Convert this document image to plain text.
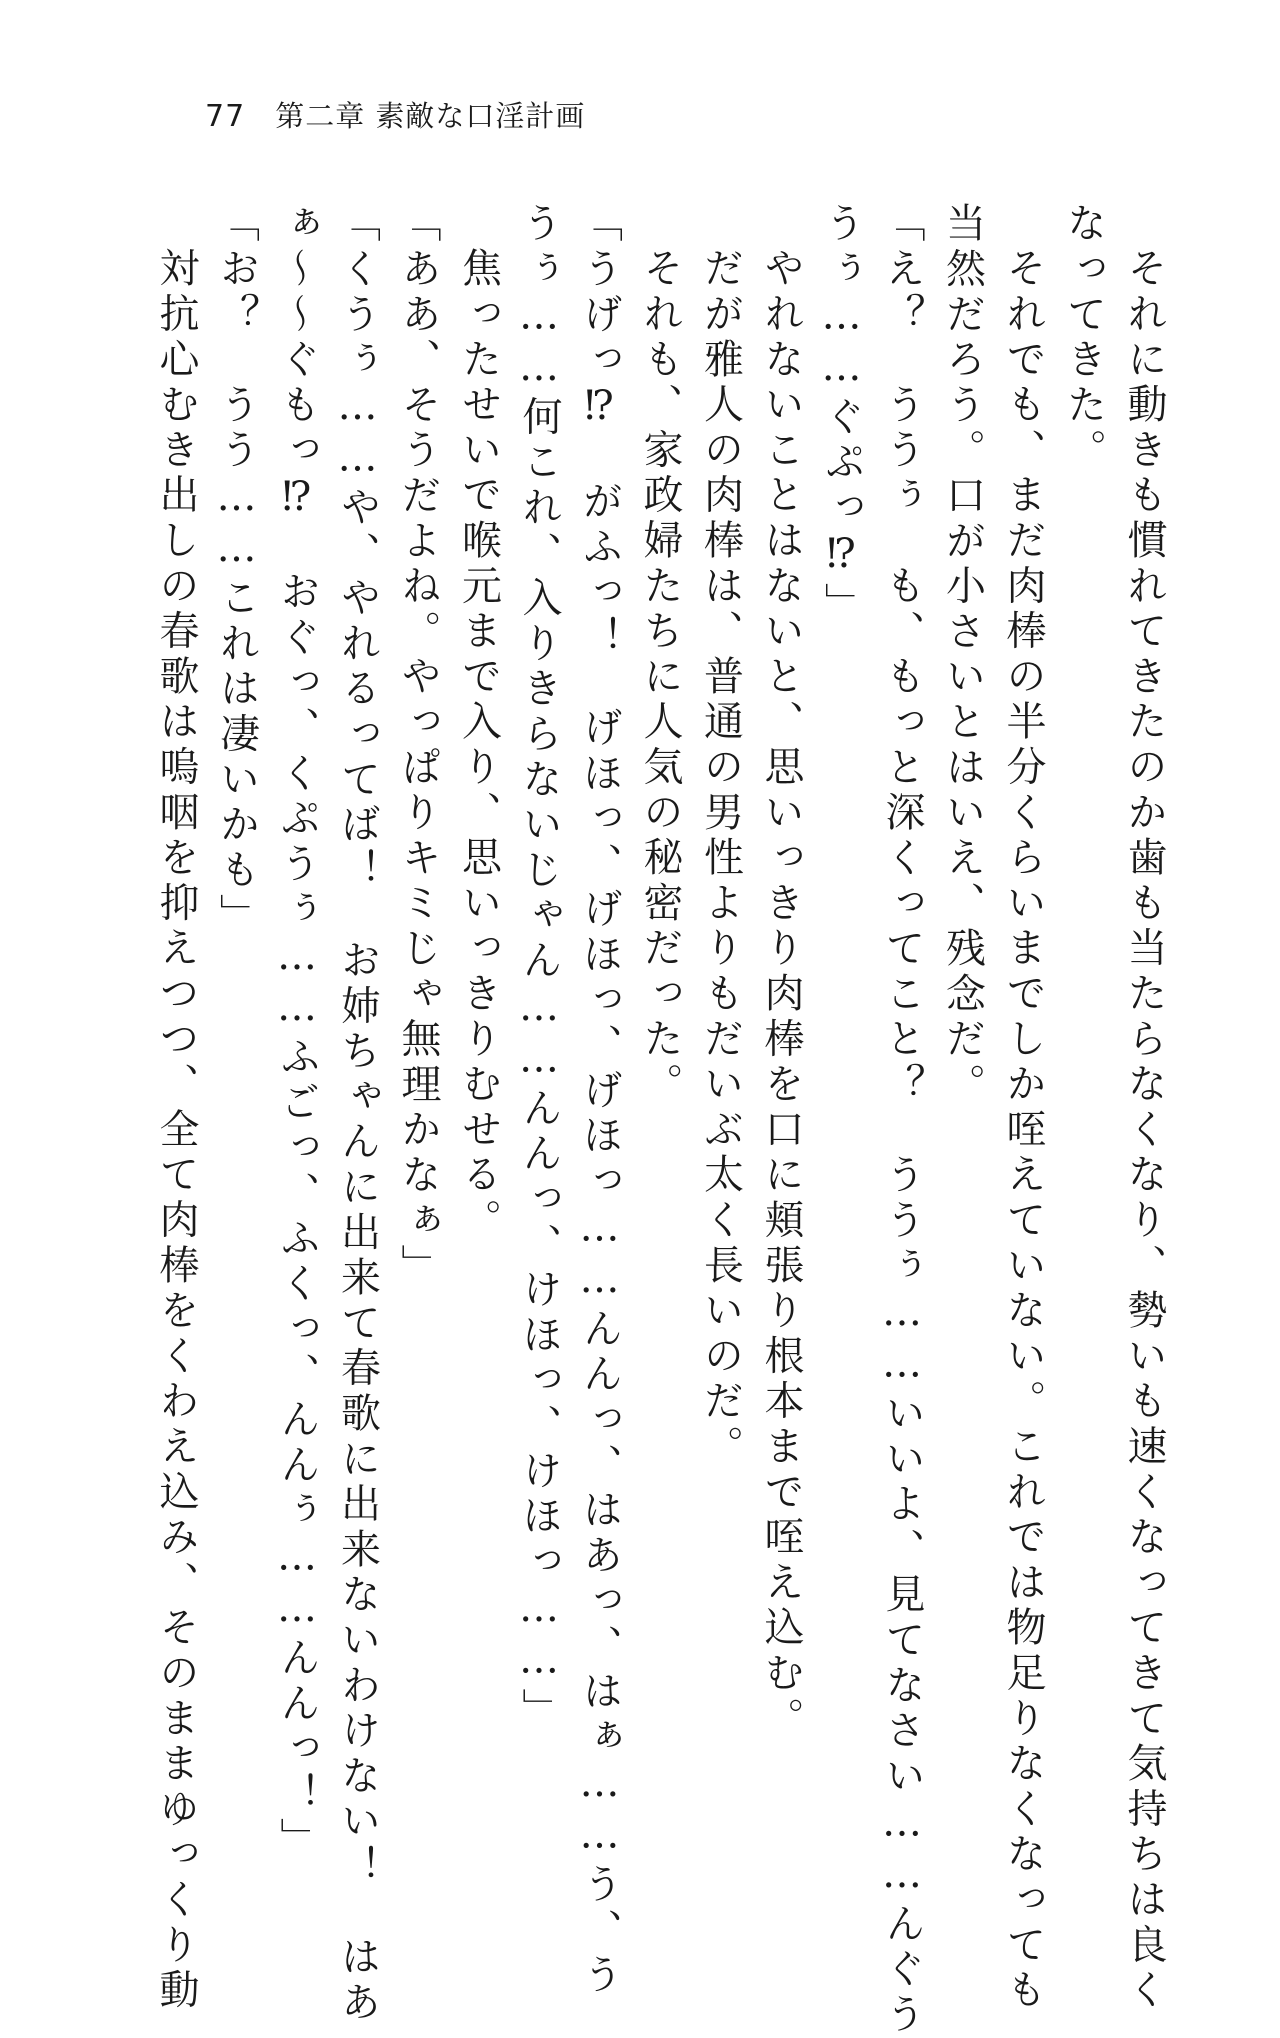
77 第二章 素敵な口淫計画
それに動きも慣れてきたのか歯も当たらなくなり、勢いも速くなってきて気持ちは良く
なってきた。
それでも、まだ肉棒の半分くらいまでしか咥えていない。これでは物足りなくなっても
当然だろう。口が小さいとはいえ、残念だ。
「え？　ううぅ　も、もっと深くってこと？　ううぅ……いいよ、見てなさい……んぐう
うぅ……ぐぷっ⁉」
やれないことはないと、思いっきり肉棒を口に頬張り根本まで咥え込む。
だが雅人の肉棒は、普通の男性よりもだいぶ太く長いのだ。
それも、家政婦たちに人気の秘密だった。
「うげっ⁉　がふっ！　げほっ、げほっ、げほっ……んんっ、はあっ、はぁ……う、う
うぅ……何これ、入りきらないじゃん……んんっ、けほっ、けほっ……」
焦ったせいで喉元まで入り、思いっきりむせる。
「ああ、そうだよね。やっぱりキミじゃ無理かなぁ」
「くうぅ……や、やれるってば！　お姉ちゃんに出来て春歌に出来ないわけない！　はあ
ぁ～～ぐもっ⁉　おぐっ、くぷうぅ……ふごっ、ふくっ、んんぅ……んんっ！」
「お？　うう……これは凄いかも」
対抗心むき出しの春歌は嗚咽を抑えつつ、全て肉棒をくわえ込み、そのままゆっくり動
